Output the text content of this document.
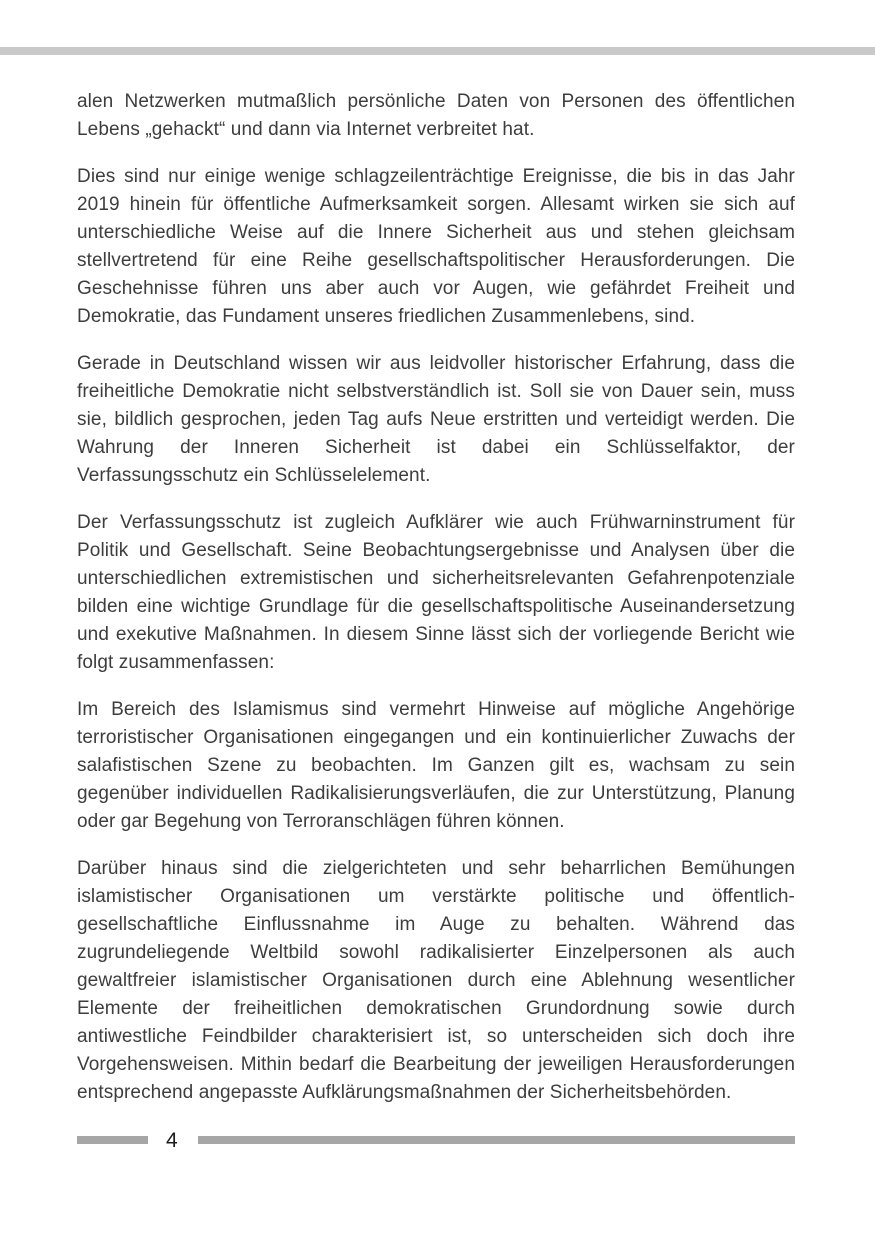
alen Netzwerken mutmaßlich persönliche Daten von Personen des öffentlichen Lebens „gehackt“ und dann via Internet verbreitet hat.

Dies sind nur einige wenige schlagzeilenträchtige Ereignisse, die bis in das Jahr 2019 hinein für öffentliche Aufmerksamkeit sorgen. Allesamt wirken sie sich auf unterschiedliche Weise auf die Innere Sicherheit aus und stehen gleichsam stellvertretend für eine Reihe gesellschaftspolitischer Herausforderungen. Die Geschehnisse führen uns aber auch vor Augen, wie gefährdet Freiheit und Demokratie, das Fundament unseres friedlichen Zusammenlebens, sind.

Gerade in Deutschland wissen wir aus leidvoller historischer Erfahrung, dass die freiheitliche Demokratie nicht selbstverständlich ist. Soll sie von Dauer sein, muss sie, bildlich gesprochen, jeden Tag aufs Neue erstritten und verteidigt werden. Die Wahrung der Inneren Sicherheit ist dabei ein Schlüsselfaktor, der Verfassungsschutz ein Schlüsselelement.

Der Verfassungsschutz ist zugleich Aufklärer wie auch Frühwarninstrument für Politik und Gesellschaft. Seine Beobachtungsergebnisse und Analysen über die unterschiedlichen extremistischen und sicherheitsrelevanten Gefahrenpotenziale bilden eine wichtige Grundlage für die gesellschaftspolitische Auseinandersetzung und exekutive Maßnahmen. In diesem Sinne lässt sich der vorliegende Bericht wie folgt zusammenfassen:

Im Bereich des Islamismus sind vermehrt Hinweise auf mögliche Angehörige terroristischer Organisationen eingegangen und ein kontinuierlicher Zuwachs der salafistischen Szene zu beobachten. Im Ganzen gilt es, wachsam zu sein gegenüber individuellen Radikalisierungsverläufen, die zur Unterstützung, Planung oder gar Begehung von Terroranschlägen führen können.

Darüber hinaus sind die zielgerichteten und sehr beharrlichen Bemühungen islamistischer Organisationen um verstärkte politische und öffentlich-gesellschaftliche Einflussnahme im Auge zu behalten. Während das zugrundeliegende Weltbild sowohl radikalisierter Einzelpersonen als auch gewaltfreier islamistischer Organisationen durch eine Ablehnung wesentlicher Elemente der freiheitlichen demokratischen Grundordnung sowie durch antiwestliche Feindbilder charakterisiert ist, so unterscheiden sich doch ihre Vorgehensweisen. Mithin bedarf die Bearbeitung der jeweiligen Herausforderungen entsprechend angepasste Aufklärungsmaßnahmen der Sicherheitsbehörden.

4
